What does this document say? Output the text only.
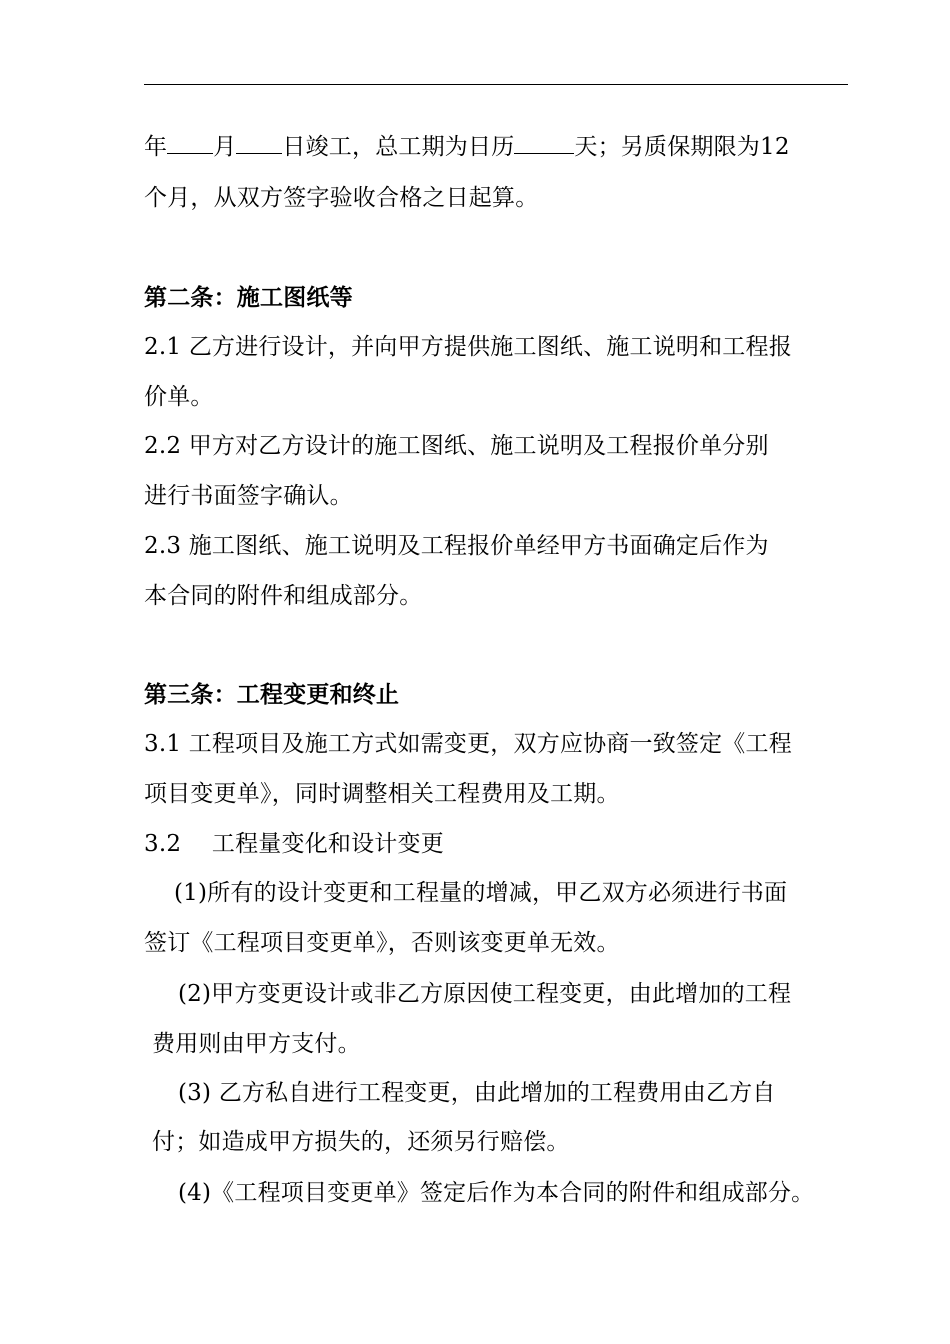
年 月 日竣工，总工期为日历	天；另质保期限为12
个月，从双方签字验收合格之日起算。
第二条：施工图纸等
2.1 乙方进行设计，并向甲方提供施工图纸、施工说明和工程报
价单。
2.2 甲方对乙方设计的施工图纸、施工说明及工程报价单分别
进行书面签字确认。
2.3 施工图纸、施工说明及工程报价单经甲方书面确定后作为
本合同的附件和组成部分。
第三条：工程变更和终止
3.1 工程项目及施工方式如需变更，双方应协商一致签定《工程
项目变更单》，同时调整相关工程费用及工期。
3.2　 工程量变化和设计变更
(1)所有的设计变更和工程量的增减，甲乙双方必须进行书面
签订《工程项目变更单》，否则该变更单无效。
(2)甲方变更设计或非乙方原因使工程变更，由此增加的工程
费用则由甲方支付。
(3) 乙方私自进行工程变更，由此增加的工程费用由乙方自
付；如造成甲方损失的，还须另行赔偿。
(4)《工程项目变更单》签定后作为本合同的附件和组成部分。
